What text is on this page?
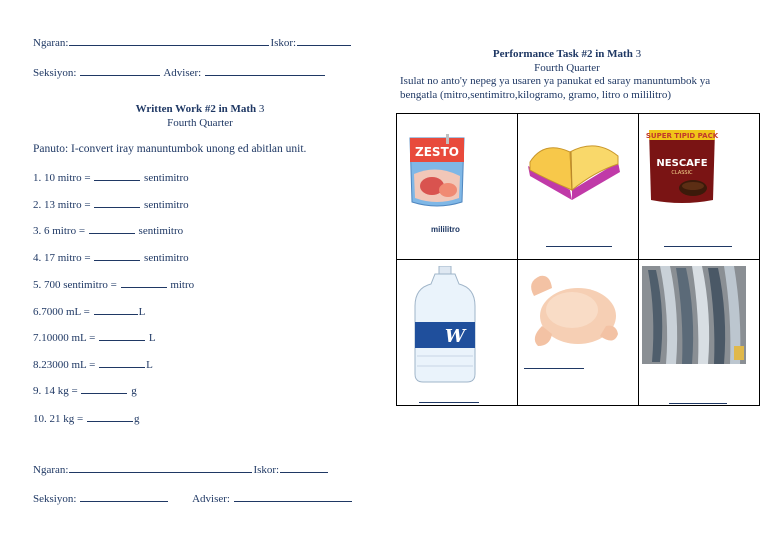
Ngaran:	Iskor:
Seksiyon:	Adviser:
Written Work #2 in Math 3
Fourth Quarter
Panuto: I-convert iray manuntumbok unong ed abitlan unit.
1. 10 mitro =	sentimitro
2. 13 mitro =	sentimitro
3. 6 mitro =	sentimitro
4. 17 mitro =	sentimitro
5. 700 sentimitro =	mitro
6.7000 mL =	L
7.10000 mL =	L
8.23000 mL =	L
9. 14 kg =	g
10. 21 kg =	g
Ngaran:	Iskor:
Seksiyon:	Adviser:
Performance Task #2 in Math 3
Fourth Quarter
Isulat no anto'y nepeg ya usaren ya panukat ed saray manuntumbok ya
bengatla (mitro,sentimitro,kilogramo, gramo, litro o mililitro)
ZESTO
mililitro		SUPER TIPID PACK
NESCAFE
CLASSIC

W
